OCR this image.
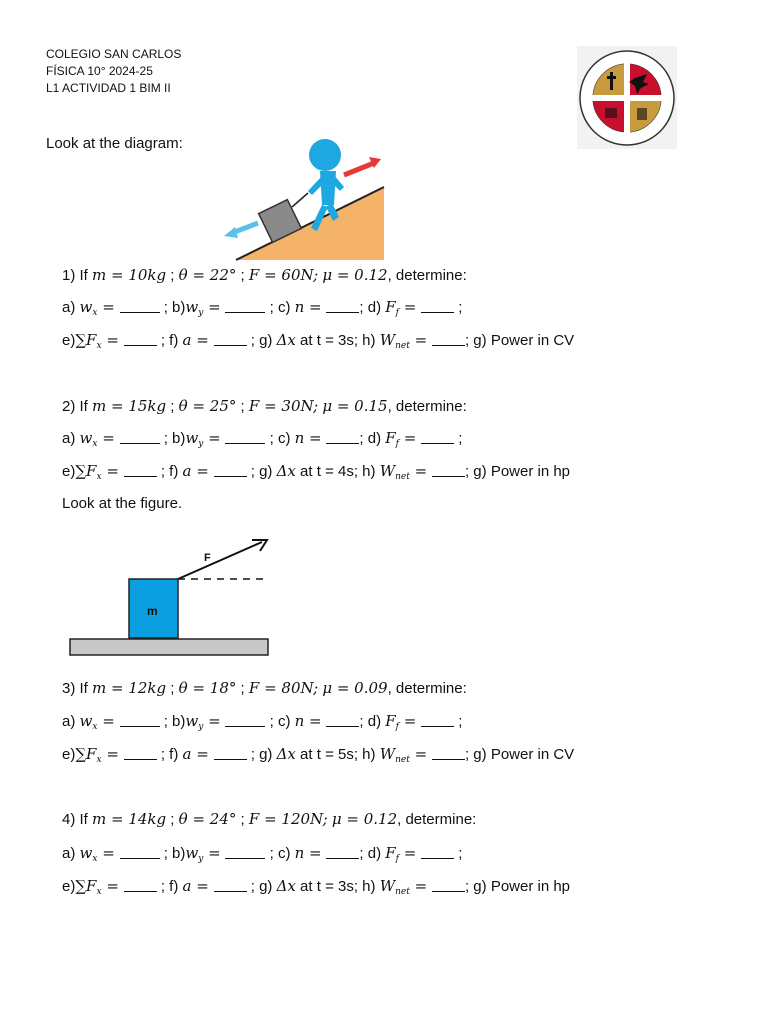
COLEGIO SAN CARLOS
FÍSICA 10° 2024-25
L1 ACTIVIDAD 1 BIM II
Look at the diagram:
1) If m = 10kg ; θ = 22° ; F = 60N; μ = 0.12, determine:
a) $w_x$ =	; $b)w_y$ =	; c) n = ; d) $F_f$ =  ;
$e)\sum F_x$ =  ; f) a =  ; g) Δx at t = 3s; h) $W_{net}$ = ; g) Power in CV
2) If m = 15kg ; θ = 25° ; F = 30N; μ = 0.15, determine:
a) $w_x$ =	; $b)w_y$ =	; c) n = ; d) $F_f$ =  ;
$e)\sum F_x$ =  ; f) a =  ; g) Δx at t = 4s; h) $W_{net}$ = ; g) Power in hp
Look at the figure.
m
F
3) If m = 12kg ; θ = 18° ; F = 80N; μ = 0.09, determine:
a) $w_x$ =	; $b)w_y$ =	; c) n = ; d) $F_f$ =  ;
$e)\sum F_x$ =  ; f) a =  ; g) Δx at t = 5s; h) $W_{net}$ = ; g) Power in CV
4) If m = 14kg ; θ = 24° ; F = 120N; μ = 0.12, determine:
a) $w_x$ =	; $b)w_y$ =	; c) n = ; d) $F_f$ =  ;
$e)\sum F_x$ =  ; f) a =  ; g) Δx at t = 3s; h) $W_{net}$ = ; g) Power in hp
